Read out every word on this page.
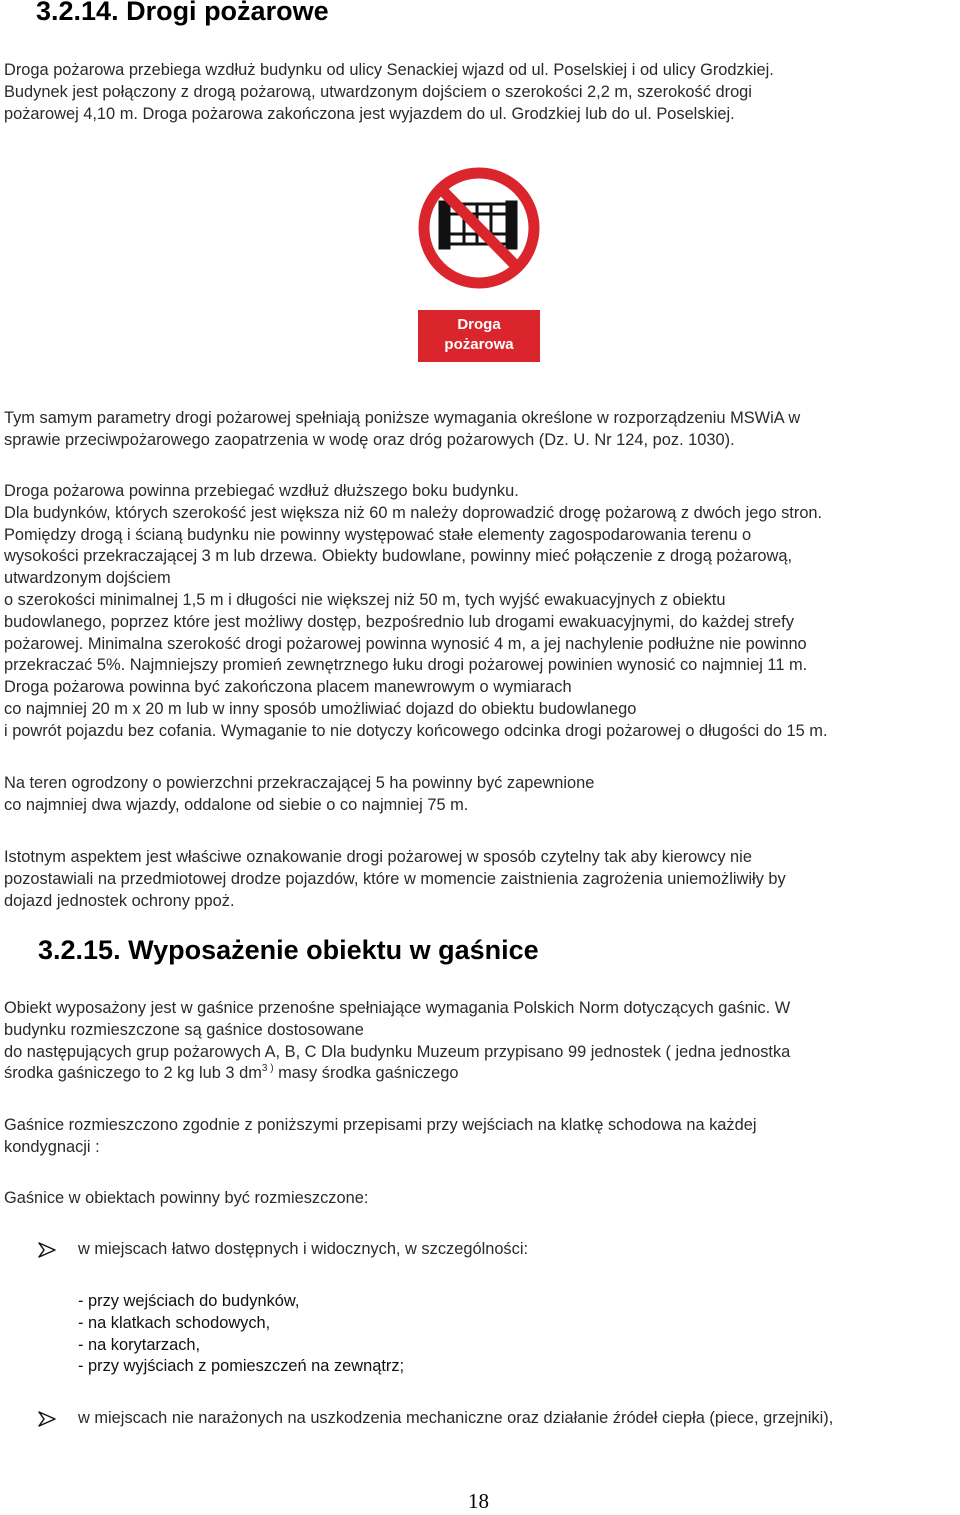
3.2.14. Drogi pożarowe
Droga pożarowa przebiega wzdłuż budynku od ulicy Senackiej wjazd od ul. Poselskiej i od ulicy Grodzkiej.
Budynek jest połączony z drogą pożarową, utwardzonym dojściem o szerokości 2,2 m, szerokość drogi
pożarowej 4,10 m. Droga pożarowa zakończona jest wyjazdem do ul. Grodzkiej lub do ul. Poselskiej.
Droga
pożarowa
Tym samym parametry drogi pożarowej spełniają poniższe wymagania określone w rozporządzeniu MSWiA w
sprawie przeciwpożarowego zaopatrzenia w wodę oraz dróg pożarowych (Dz. U. Nr 124, poz. 1030).
Droga pożarowa powinna przebiegać wzdłuż dłuższego boku budynku.
Dla budynków, których szerokość jest większa niż 60 m należy doprowadzić drogę pożarową z dwóch jego stron.
Pomiędzy drogą i ścianą budynku nie powinny występować stałe elementy zagospodarowania terenu o
wysokości przekraczającej 3 m lub drzewa. Obiekty budowlane, powinny mieć połączenie z drogą pożarową,
utwardzonym dojściem
o szerokości minimalnej 1,5 m i długości nie większej niż 50 m, tych wyjść ewakuacyjnych z obiektu
budowlanego, poprzez które jest możliwy dostęp, bezpośrednio lub drogami ewakuacyjnymi, do każdej strefy
pożarowej. Minimalna szerokość drogi pożarowej powinna wynosić 4 m, a jej nachylenie podłużne nie powinno
przekraczać 5%. Najmniejszy promień zewnętrznego łuku drogi pożarowej powinien wynosić co najmniej 11 m.
Droga pożarowa powinna być zakończona placem manewrowym o wymiarach
co najmniej 20 m x 20 m lub w inny sposób umożliwiać dojazd do obiektu budowlanego
i powrót pojazdu bez cofania. Wymaganie to nie dotyczy końcowego odcinka drogi pożarowej o długości do 15 m.
Na teren ogrodzony o powierzchni przekraczającej 5 ha powinny być zapewnione
co najmniej dwa wjazdy, oddalone od siebie o co najmniej 75 m.
Istotnym aspektem jest właściwe oznakowanie drogi pożarowej w sposób czytelny tak aby kierowcy nie
pozostawiali na przedmiotowej drodze pojazdów, które w momencie zaistnienia zagrożenia uniemożliwiły by
dojazd jednostek ochrony ppoż.
3.2.15. Wyposażenie obiektu w gaśnice
Obiekt wyposażony jest w gaśnice przenośne spełniające wymagania Polskich Norm dotyczących gaśnic. W
budynku rozmieszczone są gaśnice dostosowane
do następujących grup pożarowych A, B, C Dla budynku Muzeum przypisano 99 jednostek ( jedna jednostka
środka gaśniczego to 2 kg lub 3 $dm^{3 )}$ masy środka gaśniczego
Gaśnice rozmieszczono zgodnie z poniższymi przepisami przy wejściach na klatkę schodowa na każdej
kondygnacji :
Gaśnice w obiektach powinny być rozmieszczone:
w miejscach łatwo dostępnych i widocznych, w szczególności:
- przy wejściach do budynków,
- na klatkach schodowych,
- na korytarzach,
- przy wyjściach z pomieszczeń na zewnątrz;
w miejscach nie narażonych na uszkodzenia mechaniczne oraz działanie źródeł ciepła (piece, grzejniki),
18
